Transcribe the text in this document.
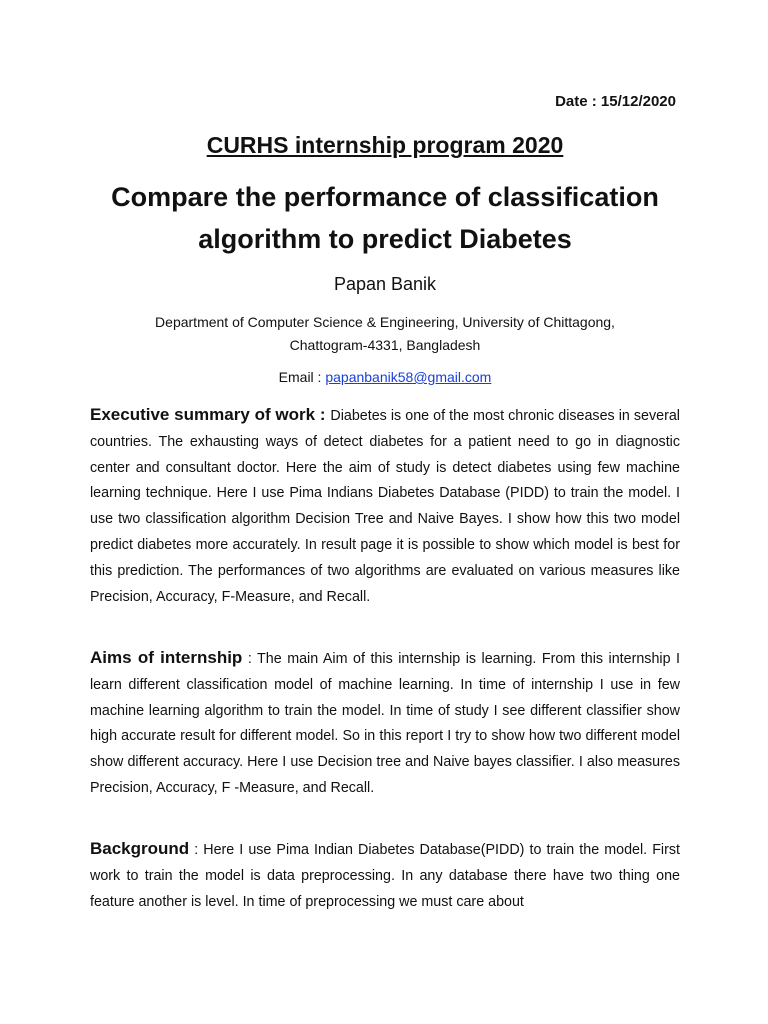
Date : 15/12/2020
CURHS internship program 2020
Compare the performance of classification
algorithm to predict Diabetes
Papan Banik
Department of Computer Science & Engineering, University of Chittagong,
Chattogram-4331, Bangladesh
Email : papanbanik58@gmail.com
Executive summary of work : Diabetes is one of the most chronic diseases in several countries. The exhausting ways of detect diabetes for a patient need to go in diagnostic center and consultant doctor. Here the aim of study is detect diabetes using few machine learning technique. Here I use Pima Indians Diabetes Database (PIDD) to train the model. I use two classification algorithm Decision Tree and Naive Bayes. I show how this two model predict diabetes more accurately. In result page it is possible to show which model is best for this prediction. The performances of two algorithms are evaluated on various measures like Precision, Accuracy, F-Measure, and Recall.
Aims of internship : The main Aim of this internship is learning. From this internship I learn different classification model of machine learning. In time of internship I use in few machine learning algorithm to train the model. In time of study I see different classifier show high accurate result for different model. So in this report I try to show how two different model show different accuracy. Here I use Decision tree and Naive bayes classifier. I also measures Precision, Accuracy, F -Measure, and Recall.
Background : Here I use Pima Indian Diabetes Database(PIDD) to train the model. First work to train the model is data preprocessing. In any database there have two thing one feature another is level. In time of preprocessing we must care about
